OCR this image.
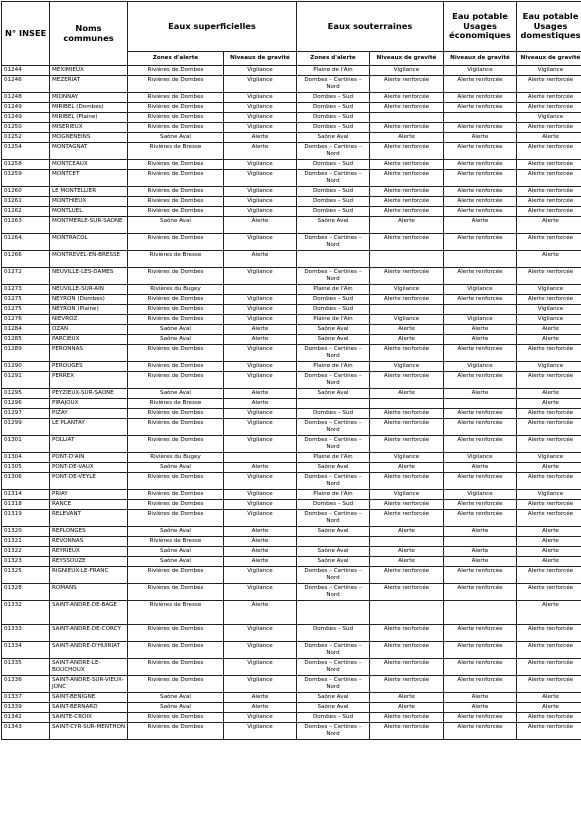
N° INSEE	Noms communes	Eaux superficielles		Eaux souterraines		Eau potable Usages économiques	Eau potable Usages domestiques
		Zones d'alerte	Niveaux de gravité	Zones d'alerte	Niveaux de gravité	Niveaux de gravité	Niveaux de gravité
01244	MEXIMIEUX	Rivières de Dombes	Vigilance	Plaine de l'Ain	Vigilance	Vigilance	Vigilance
01246	MEZERIAT	Rivières de Dombes	Vigilance	Dombes – Certines – Nord	Alerte renforcée	Alerte renforcée	Alerte renforcée
01248	MIONNAY	Rivières de Dombes	Vigilance	Dombes – Sud	Alerte renforcée	Alerte renforcée	Alerte renforcée
01249	MIRIBEL (Dombes)	Rivières de Dombes	Vigilance	Dombes – Sud	Alerte renforcée	Alerte renforcée	Alerte renforcée
01249	MIRIBEL (Plaine)	Rivières de Dombes	Vigilance	Dombes – Sud			Vigilance
01250	MISERIEUX	Rivières de Dombes	Vigilance	Dombes – Sud	Alerte renforcée	Alerte renforcée	Alerte renforcée
01252	MOGNENEINS	Saône Aval	Alerte	Saône Aval	Alerte	Alerte	Alerte
01254	MONTAGNAT	Rivières de Bresse	Alerte	Dombes – Certines – Nord	Alerte renforcée	Alerte renforcée	Alerte renforcée
01258	MONTCEAUX	Rivières de Dombes	Vigilance	Dombes – Sud	Alerte renforcée	Alerte renforcée	Alerte renforcée
01259	MONTCET	Rivières de Dombes	Vigilance	Dombes – Certines – Nord	Alerte renforcée	Alerte renforcée	Alerte renforcée
01260	LE MONTELLIER	Rivières de Dombes	Vigilance	Dombes – Sud	Alerte renforcée	Alerte renforcée	Alerte renforcée
01261	MONTHIEUX	Rivières de Dombes	Vigilance	Dombes – Sud	Alerte renforcée	Alerte renforcée	Alerte renforcée
01262	MONTLUEL	Rivières de Dombes	Vigilance	Dombes – Sud	Alerte renforcée	Alerte renforcée	Alerte renforcée
01263	MONTMERLE-SUR-SAONE	Saône Aval	Alerte	Saône Aval	Alerte	Alerte	Alerte
01264	MONTRACOL	Rivières de Dombes	Vigilance	Dombes – Certines – Nord	Alerte renforcée	Alerte renforcée	Alerte renforcée
01266	MONTREVEL-EN-BRESSE	Rivières de Bresse	Alerte				Alerte
01272	NEUVILLE-LES-DAMES	Rivières de Dombes	Vigilance	Dombes – Certines – Nord	Alerte renforcée	Alerte renforcée	Alerte renforcée
01273	NEUVILLE-SUR-AIN	Rivières du Bugey		Plaine de l'Ain	Vigilance	Vigilance	Vigilance
01275	NEYRON (Dombes)	Rivières de Dombes	Vigilance	Dombes – Sud	Alerte renforcée	Alerte renforcée	Alerte renforcée
01275	NEYRON (Plaine)	Rivières de Dombes	Vigilance	Dombes – Sud			Vigilance
01276	NIEVROZ	Rivières de Dombes	Vigilance	Plaine de l'Ain	Vigilance	Vigilance	Vigilance
01284	OZAN	Saône Aval	Alerte	Saône Aval	Alerte	Alerte	Alerte
01285	PARCIEUX	Saône Aval	Alerte	Saône Aval	Alerte	Alerte	Alerte
01289	PERONNAS	Rivières de Dombes	Vigilance	Dombes – Certines – Nord	Alerte renforcée	Alerte renforcée	Alerte renforcée
01290	PEROUGES	Rivières de Dombes	Vigilance	Plaine de l'Ain	Vigilance	Vigilance	Vigilance
01291	PERREX	Rivières de Dombes	Vigilance	Dombes – Certines – Nord	Alerte renforcée	Alerte renforcée	Alerte renforcée
01295	PEYZIEUX-SUR-SAONE	Saône Aval	Alerte	Saône Aval	Alerte	Alerte	Alerte
01296	PIRAJOUX	Rivières de Bresse	Alerte				Alerte
01297	PIZAY	Rivières de Dombes	Vigilance	Dombes – Sud	Alerte renforcée	Alerte renforcée	Alerte renforcée
01299	LE PLANTAY	Rivières de Dombes	Vigilance	Dombes – Certines – Nord	Alerte renforcée	Alerte renforcée	Alerte renforcée
01301	POLLIAT	Rivières de Dombes	Vigilance	Dombes – Certines – Nord	Alerte renforcée	Alerte renforcée	Alerte renforcée
01304	PONT-D'AIN	Rivières du Bugey		Plaine de l'Ain	Vigilance	Vigilance	Vigilance
01305	PONT-DE-VAUX	Saône Aval	Alerte	Saône Aval	Alerte	Alerte	Alerte
01306	PONT-DE-VEYLE	Rivières de Dombes	Vigilance	Dombes – Certines – Nord	Alerte renforcée	Alerte renforcée	Alerte renforcée
01314	PRIAY	Rivières de Dombes	Vigilance	Plaine de l'Ain	Vigilance	Vigilance	Vigilance
01318	RANCE	Rivières de Dombes	Vigilance	Dombes – Sud	Alerte renforcée	Alerte renforcée	Alerte renforcée
01319	RELEVANT	Rivières de Dombes	Vigilance	Dombes – Certines – Nord	Alerte renforcée	Alerte renforcée	Alerte renforcée
01320	REPLONGES	Saône Aval	Alerte	Saône Aval	Alerte	Alerte	Alerte
01321	REVONNAS	Rivières de Bresse	Alerte				Alerte
01322	REYRIEUX	Saône Aval	Alerte	Saône Aval	Alerte	Alerte	Alerte
01323	REYSSOUZE	Saône Aval	Alerte	Saône Aval	Alerte	Alerte	Alerte
01325	RIGNIEUX-LE-FRANC	Rivières de Dombes	Vigilance	Dombes – Certines – Nord	Alerte renforcée	Alerte renforcée	Alerte renforcée
01328	ROMANS	Rivières de Dombes	Vigilance	Dombes – Certines – Nord	Alerte renforcée	Alerte renforcée	Alerte renforcée
01332	SAINT-ANDRE-DE-BAGE	Rivières de Bresse	Alerte				Alerte
01333	SAINT-ANDRE-DE-CORCY	Rivières de Dombes	Vigilance	Dombes – Sud	Alerte renforcée	Alerte renforcée	Alerte renforcée
01334	SAINT-ANDRE-D'HUIRIAT	Rivières de Dombes	Vigilance	Dombes – Certines – Nord	Alerte renforcée	Alerte renforcée	Alerte renforcée
01335	SAINT-ANDRE-LE-BOUCHOUX	Rivières de Dombes	Vigilance	Dombes – Certines – Nord	Alerte renforcée	Alerte renforcée	Alerte renforcée
01336	SAINT-ANDRE-SUR-VIEUX-JONC	Rivières de Dombes	Vigilance	Dombes – Certines – Nord	Alerte renforcée	Alerte renforcée	Alerte renforcée
01337	SAINT-BENIGNE	Saône Aval	Alerte	Saône Aval	Alerte	Alerte	Alerte
01339	SAINT-BERNARD	Saône Aval	Alerte	Saône Aval	Alerte	Alerte	Alerte
01342	SAINTE-CROIX	Rivières de Dombes	Vigilance	Dombes – Sud	Alerte renforcée	Alerte renforcée	Alerte renforcée
01343	SAINT-CYR-SUR-MENTHON	Rivières de Dombes	Vigilance	Dombes – Certines – Nord	Alerte renforcée	Alerte renforcée	Alerte renforcée
